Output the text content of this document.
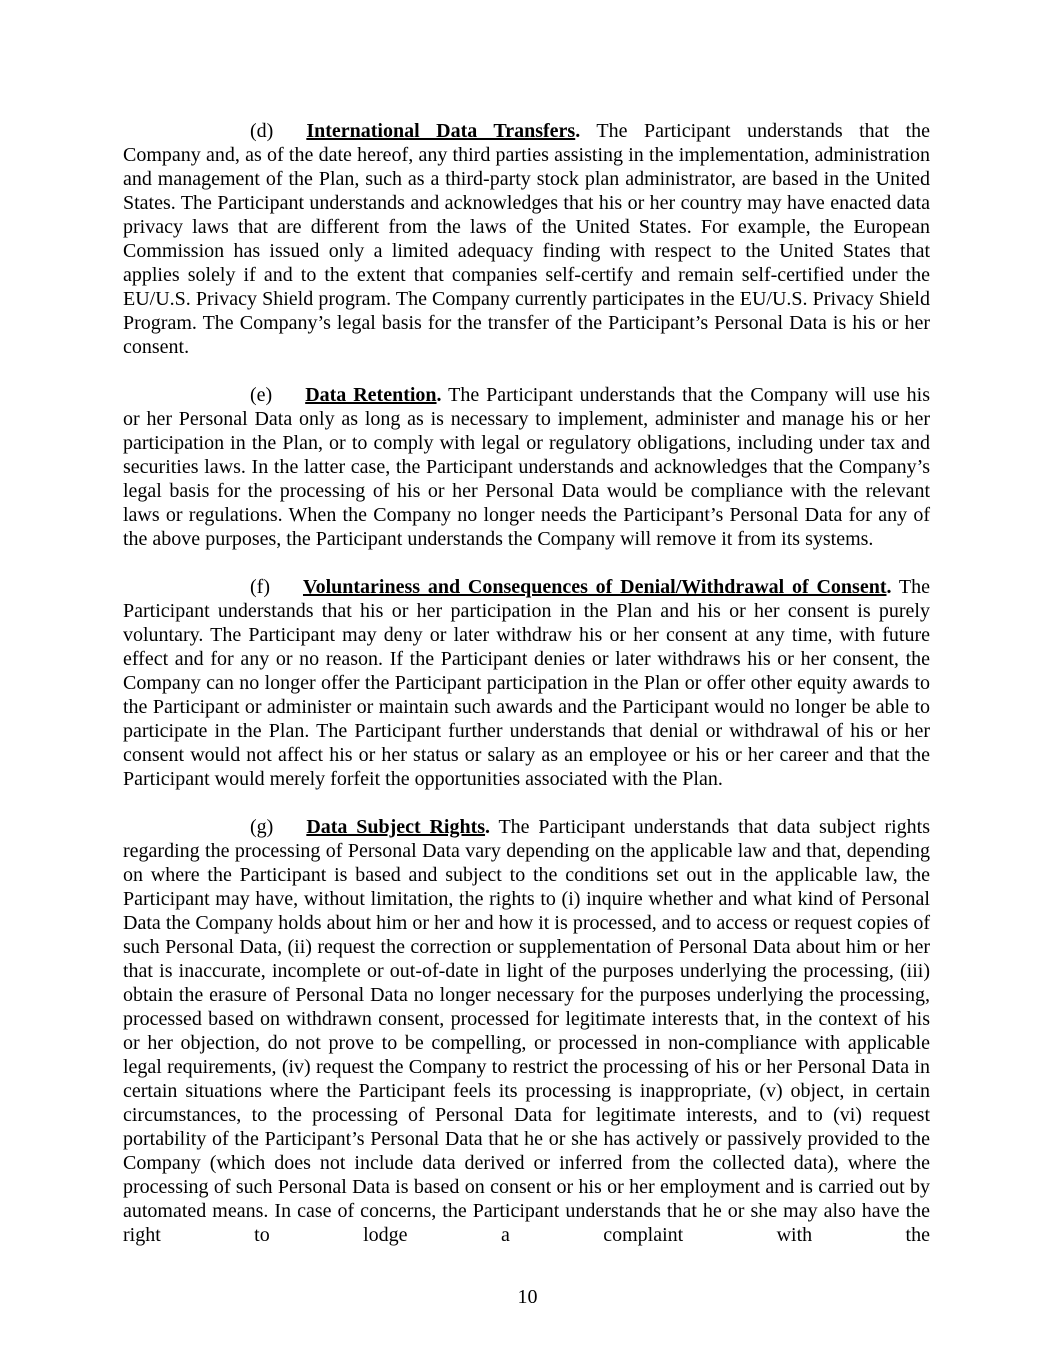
(d) International Data Transfers. The Participant understands that the Company and, as of the date hereof, any third parties assisting in the implementation, administration and management of the Plan, such as a third-party stock plan administrator, are based in the United States. The Participant understands and acknowledges that his or her country may have enacted data privacy laws that are different from the laws of the United States. For example, the European Commission has issued only a limited adequacy finding with respect to the United States that applies solely if and to the extent that companies self-certify and remain self-certified under the EU/U.S. Privacy Shield program. The Company currently participates in the EU/U.S. Privacy Shield Program. The Company’s legal basis for the transfer of the Participant’s Personal Data is his or her consent.

(e) Data Retention. The Participant understands that the Company will use his or her Personal Data only as long as is necessary to implement, administer and manage his or her participation in the Plan, or to comply with legal or regulatory obligations, including under tax and securities laws. In the latter case, the Participant understands and acknowledges that the Company’s legal basis for the processing of his or her Personal Data would be compliance with the relevant laws or regulations. When the Company no longer needs the Participant’s Personal Data for any of the above purposes, the Participant understands the Company will remove it from its systems.

(f) Voluntariness and Consequences of Denial/Withdrawal of Consent. The Participant understands that his or her participation in the Plan and his or her consent is purely voluntary. The Participant may deny or later withdraw his or her consent at any time, with future effect and for any or no reason. If the Participant denies or later withdraws his or her consent, the Company can no longer offer the Participant participation in the Plan or offer other equity awards to the Participant or administer or maintain such awards and the Participant would no longer be able to participate in the Plan. The Participant further understands that denial or withdrawal of his or her consent would not affect his or her status or salary as an employee or his or her career and that the Participant would merely forfeit the opportunities associated with the Plan.

(g) Data Subject Rights. The Participant understands that data subject rights regarding the processing of Personal Data vary depending on the applicable law and that, depending on where the Participant is based and subject to the conditions set out in the applicable law, the Participant may have, without limitation, the rights to (i) inquire whether and what kind of Personal Data the Company holds about him or her and how it is processed, and to access or request copies of such Personal Data, (ii) request the correction or supplementation of Personal Data about him or her that is inaccurate, incomplete or out-of-date in light of the purposes underlying the processing, (iii) obtain the erasure of Personal Data no longer necessary for the purposes underlying the processing, processed based on withdrawn consent, processed for legitimate interests that, in the context of his or her objection, do not prove to be compelling, or processed in non-compliance with applicable legal requirements, (iv) request the Company to restrict the processing of his or her Personal Data in certain situations where the Participant feels its processing is inappropriate, (v) object, in certain circumstances, to the processing of Personal Data for legitimate interests, and to (vi) request portability of the Participant’s Personal Data that he or she has actively or passively provided to the Company (which does not include data derived or inferred from the collected data), where the processing of such Personal Data is based on consent or his or her employment and is carried out by automated means. In case of concerns, the Participant understands that he or she may also have the right to lodge a complaint with the

10
